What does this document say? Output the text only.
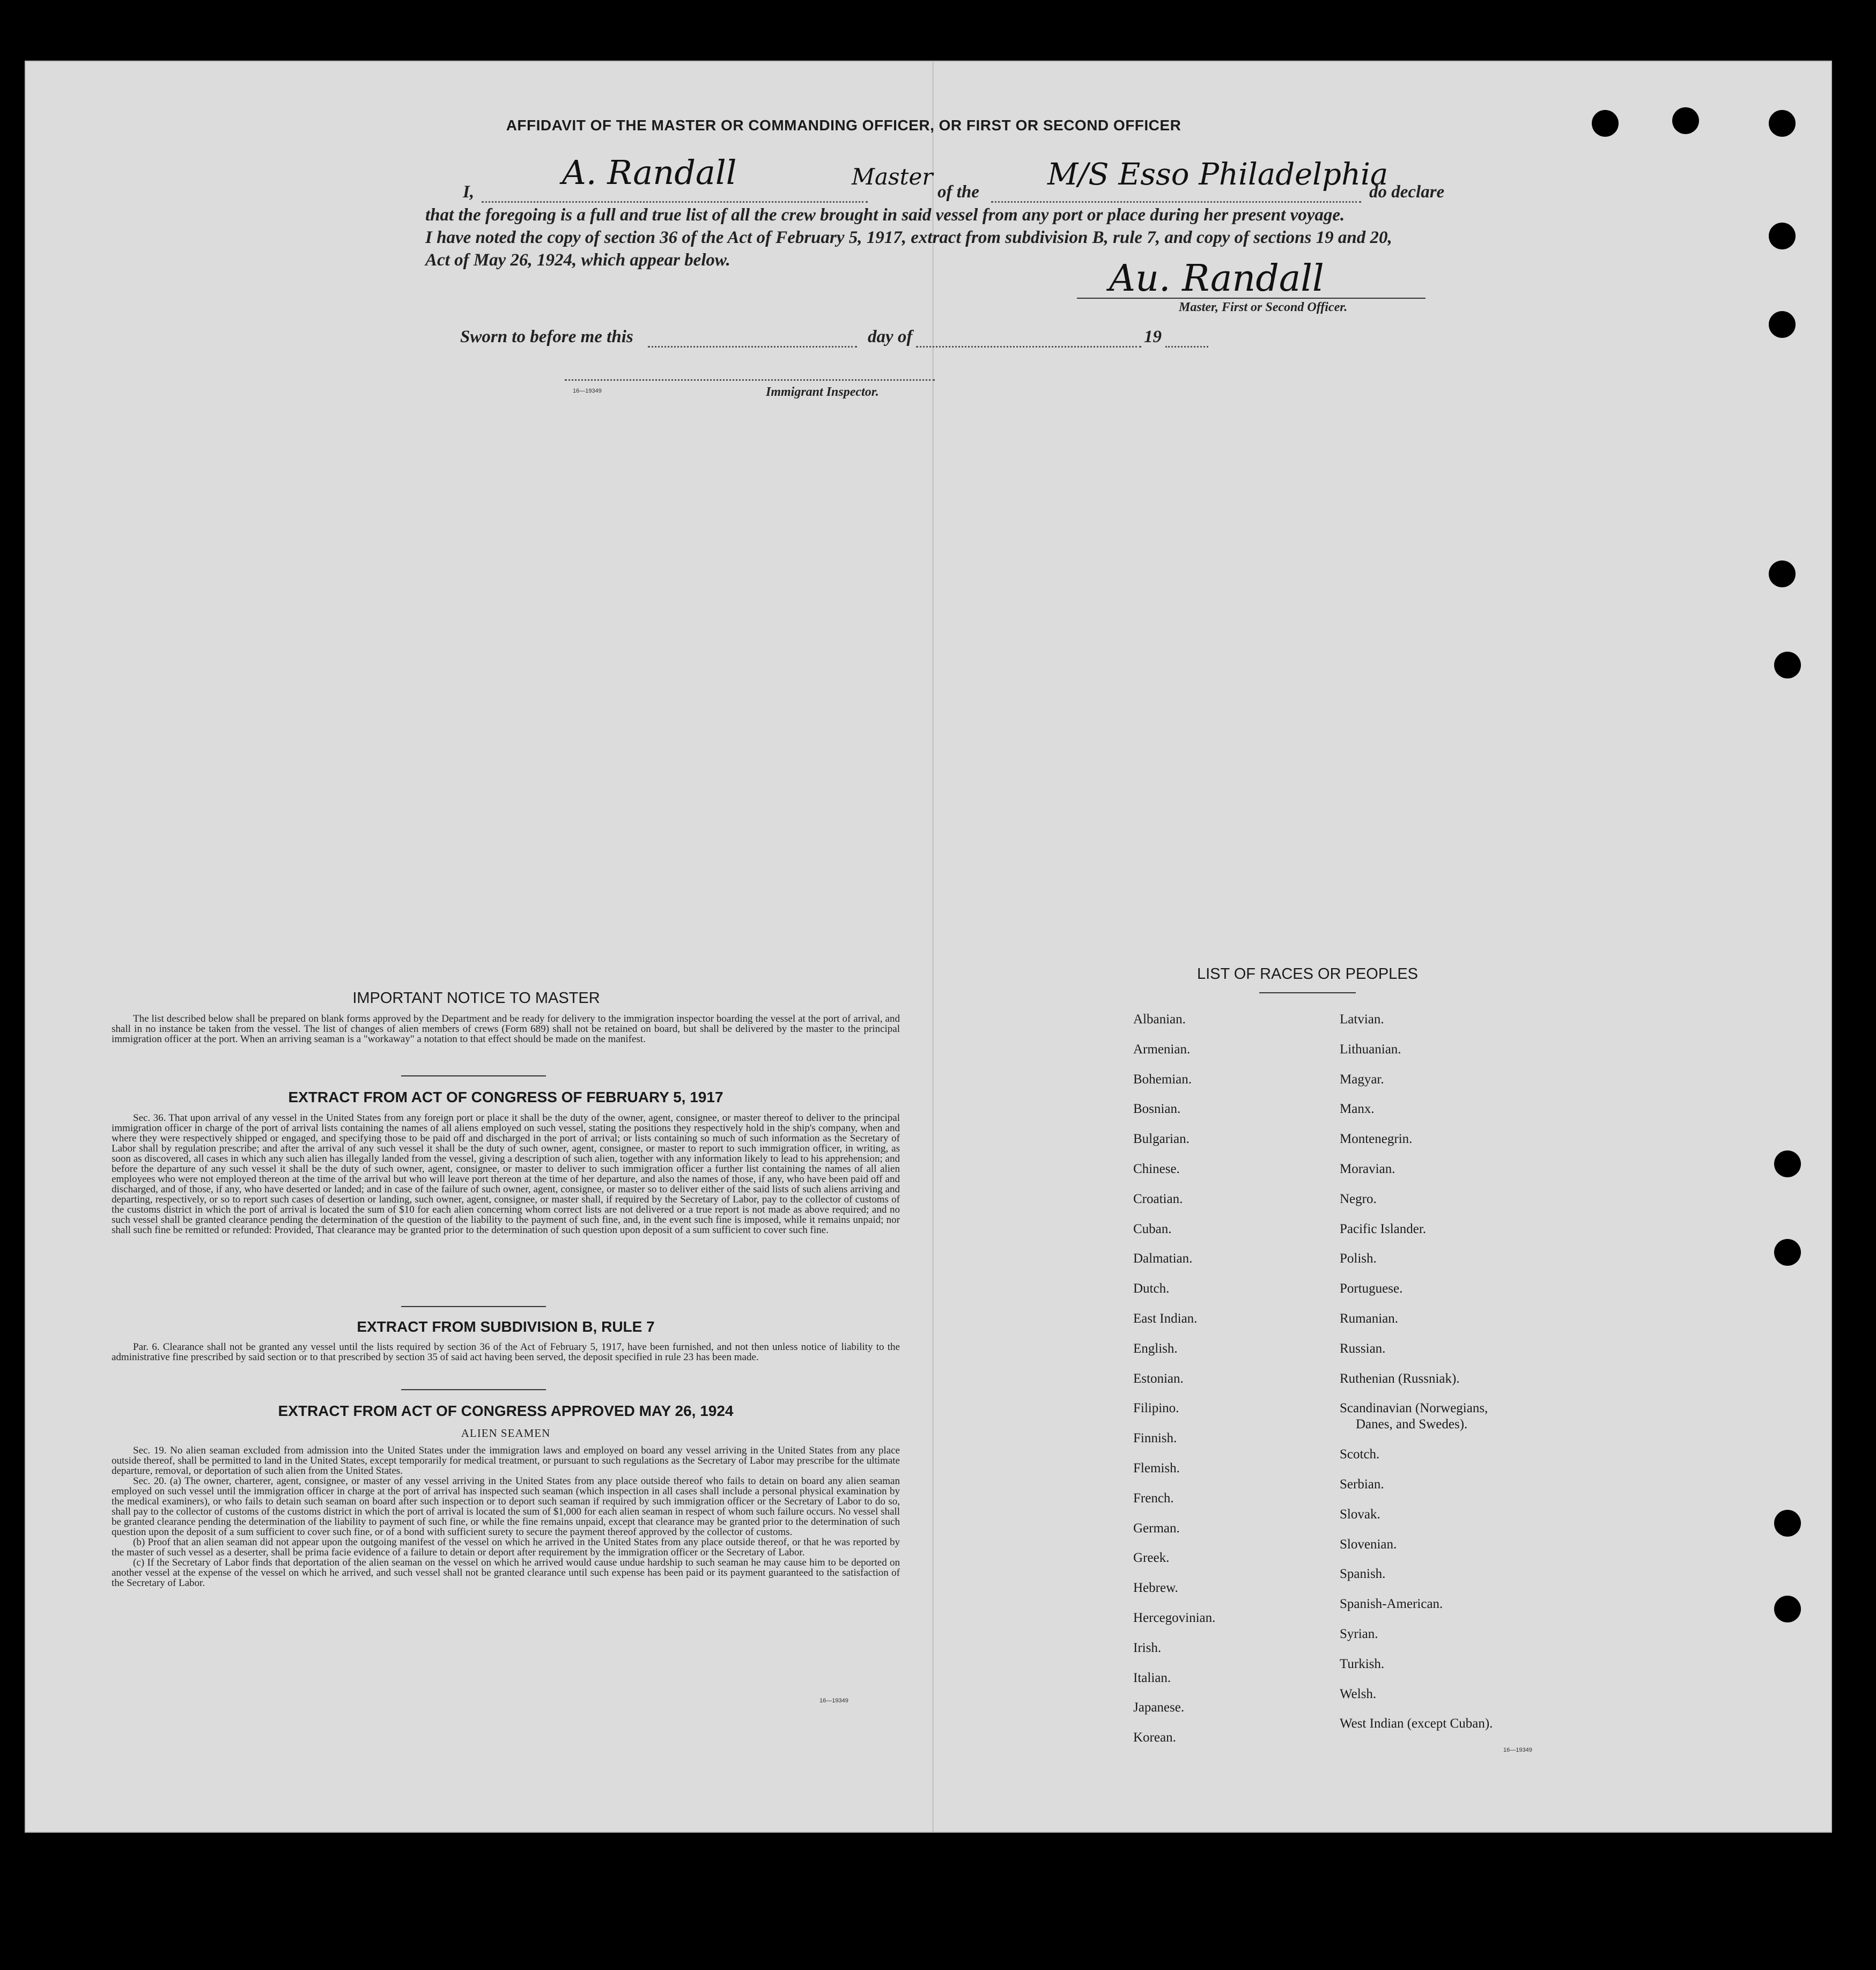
AFFIDAVIT OF THE MASTER OR COMMANDING OFFICER, OR FIRST OR SECOND OFFICER
I,	A. Randall	Master
of the M/S Esso Philadelphia
do declare
that the foregoing is a full and true list of all the crew brought in said vessel from any port or place during her present voyage.
I have noted the copy of section 36 of the Act of February 5, 1917, extract from subdivision B, rule 7, and copy of sections 19 and 20,
Act of May 26, 1924, which appear below.	Au. Randall
Master, First or Second Officer.
Sworn to before me this	day of	19
16—19349	Immigrant Inspector.
IMPORTANT NOTICE TO MASTER
The list described below shall be prepared on blank forms approved by the Department and be ready for delivery to the immigration inspector boarding the vessel at the port of arrival, and shall in no instance be taken from the vessel. The list of changes of alien members of crews (Form 689) shall not be retained on board, but shall be delivered by the master to the principal immigration officer at the port. When an arriving seaman is a "workaway" a notation to that effect should be made on the manifest.
EXTRACT FROM ACT OF CONGRESS OF FEBRUARY 5, 1917
Sec. 36. That upon arrival of any vessel in the United States from any foreign port or place it shall be the duty of the owner, agent, consignee, or master thereof to deliver to the principal immigration officer in charge of the port of arrival lists containing the names of all aliens employed on such vessel, stating the positions they respectively hold in the ship's company, when and where they were respectively shipped or engaged, and specifying those to be paid off and discharged in the port of arrival; or lists containing so much of such information as the Secretary of Labor shall by regulation prescribe; and after the arrival of any such vessel it shall be the duty of such owner, agent, consignee, or master to report to such immigration officer, in writing, as soon as discovered, all cases in which any such alien has illegally landed from the vessel, giving a description of such alien, together with any information likely to lead to his apprehension; and before the departure of any such vessel it shall be the duty of such owner, agent, consignee, or master to deliver to such immigration officer a further list containing the names of all alien employees who were not employed thereon at the time of the arrival but who will leave port thereon at the time of her departure, and also the names of those, if any, who have been paid off and discharged, and of those, if any, who have deserted or landed; and in case of the failure of such owner, agent, consignee, or master so to deliver either of the said lists of such aliens arriving and departing, respectively, or so to report such cases of desertion or landing, such owner, agent, consignee, or master shall, if required by the Secretary of Labor, pay to the collector of customs of the customs district in which the port of arrival is located the sum of $10 for each alien concerning whom correct lists are not delivered or a true report is not made as above required; and no such vessel shall be granted clearance pending the determination of the question of the liability to the payment of such fine, and, in the event such fine is imposed, while it remains unpaid; nor shall such fine be remitted or refunded: Provided, That clearance may be granted prior to the determination of such question upon deposit of a sum sufficient to cover such fine.
EXTRACT FROM SUBDIVISION B, RULE 7
Par. 6. Clearance shall not be granted any vessel until the lists required by section 36 of the Act of February 5, 1917, have been furnished, and not then unless notice of liability to the administrative fine prescribed by said section or to that prescribed by section 35 of said act having been served, the deposit specified in rule 23 has been made.
EXTRACT FROM ACT OF CONGRESS APPROVED MAY 26, 1924
ALIEN SEAMEN
Sec. 19. No alien seaman excluded from admission into the United States under the immigration laws and employed on board any vessel arriving in the United States from any place outside thereof, shall be permitted to land in the United States, except temporarily for medical treatment, or pursuant to such regulations as the Secretary of Labor may prescribe for the ultimate departure, removal, or deportation of such alien from the United States.
Sec. 20. (a) The owner, charterer, agent, consignee, or master of any vessel arriving in the United States from any place outside thereof who fails to detain on board any alien seaman employed on such vessel until the immigration officer in charge at the port of arrival has inspected such seaman (which inspection in all cases shall include a personal physical examination by the medical examiners), or who fails to detain such seaman on board after such inspection or to deport such seaman if required by such immigration officer or the Secretary of Labor to do so, shall pay to the collector of customs of the customs district in which the port of arrival is located the sum of $1,000 for each alien seaman in respect of whom such failure occurs. No vessel shall be granted clearance pending the determination of the liability to payment of such fine, or while the fine remains unpaid, except that clearance may be granted prior to the determination of such question upon the deposit of a sum sufficient to cover such fine, or of a bond with sufficient surety to secure the payment thereof approved by the collector of customs.
(b) Proof that an alien seaman did not appear upon the outgoing manifest of the vessel on which he arrived in the United States from any place outside thereof, or that he was reported by the master of such vessel as a deserter, shall be prima facie evidence of a failure to detain or deport after requirement by the immigration officer or the Secretary of Labor.
(c) If the Secretary of Labor finds that deportation of the alien seaman on the vessel on which he arrived would cause undue hardship to such seaman he may cause him to be deported on another vessel at the expense of the vessel on which he arrived, and such vessel shall not be granted clearance until such expense has been paid or its payment guaranteed to the satisfaction of the Secretary of Labor.
16—19349
LIST OF RACES OR PEOPLES
16—19349
Albanian.
Armenian.
Bohemian.
Bosnian.
Bulgarian.
Chinese.
Croatian.
Cuban.
Dalmatian.
Dutch.
East Indian.
English.
Estonian.
Filipino.
Finnish.
Flemish.
French.
German.
Greek.
Hebrew.
Hercegovinian.
Irish.
Italian.
Japanese.
Korean.
Latvian.
Lithuanian.
Magyar.
Manx.
Montenegrin.
Moravian.
Negro.
Pacific Islander.
Polish.
Portuguese.
Rumanian.
Russian.
Ruthenian (Russniak).
Scandinavian (Norwegians,
Danes, and Swedes).
Scotch.
Serbian.
Slovak.
Slovenian.
Spanish.
Spanish-American.
Syrian.
Turkish.
Welsh.
West Indian (except Cuban).
